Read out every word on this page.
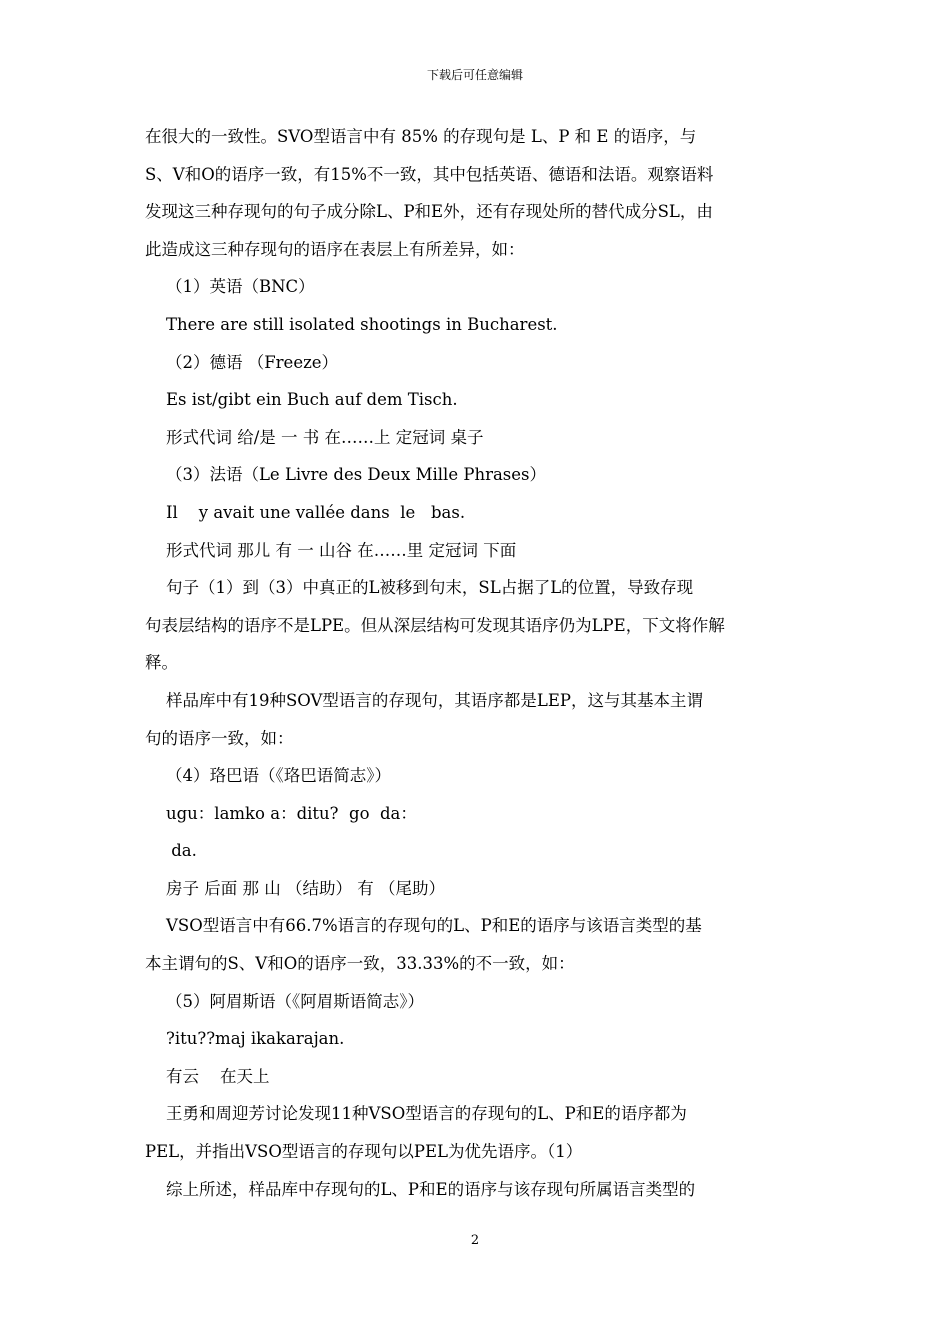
下载后可任意编辑
在很大的一致性。SVO型语言中有 85% 的存现句是 L、P 和 E 的语序，与
S、V和O的语序一致，有15%不一致，其中包括英语、德语和法语。观察语料
发现这三种存现句的句子成分除L、P和E外，还有存现处所的替代成分SL，由
此造成这三种存现句的语序在表层上有所差异，如：
（1）英语（BNC）
There are still isolated shootings in Bucharest.
（2）德语 （Freeze）
Es ist/gibt ein Buch auf dem Tisch.
形式代词 给/是 一 书 在……上 定冠词 桌子
（3）法语（Le Livre des Deux Mille Phrases）
Il    y avait une vallée dans  le   bas.
形式代词 那儿 有 一 山谷 在……里 定冠词 下面
句子（1）到（3）中真正的L被移到句末，SL占据了L的位置，导致存现
句表层结构的语序不是LPE。但从深层结构可发现其语序仍为LPE，下文将作解
释。
样品库中有19种SOV型语言的存现句，其语序都是LEP，这与其基本主谓
句的语序一致，如：
（4）珞巴语（《珞巴语简志》）
ugu：lamko a：ditu?  go  da：
da.
房子 后面 那 山 （结助） 有 （尾助）
VSO型语言中有66.7%语言的存现句的L、P和E的语序与该语言类型的基
本主谓句的S、V和O的语序一致，33.33%的不一致，如：
（5）阿眉斯语（《阿眉斯语简志》）
?itu??maj ikakarajan.
有云    在天上
王勇和周迎芳讨论发现11种VSO型语言的存现句的L、P和E的语序都为
PEL，并指出VSO型语言的存现句以PEL为优先语序。（1）
综上所述，样品库中存现句的L、P和E的语序与该存现句所属语言类型的
2
